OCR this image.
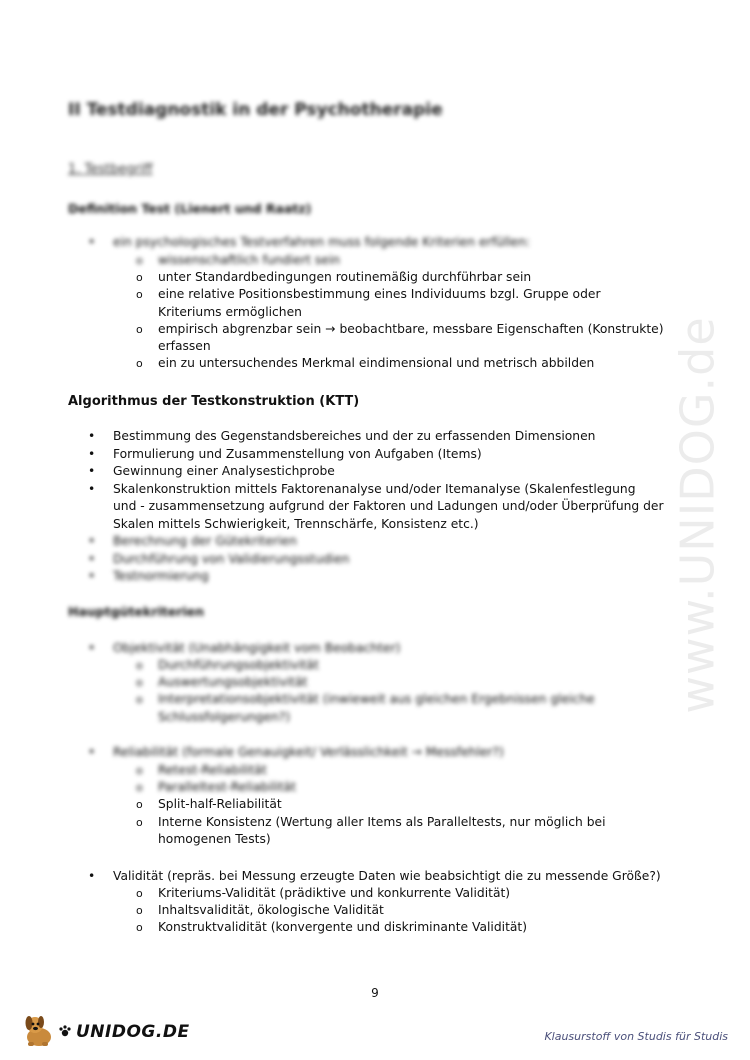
www.UNIDOG.de
II Testdiagnostik in der Psychotherapie
1. Testbegriff
Definition Test (Lienert und Raatz)
• ein psychologisches Testverfahren muss folgende Kriterien erfüllen:
o wissenschaftlich fundiert sein
o unter Standardbedingungen routinemäßig durchführbar sein
o eine relative Positionsbestimmung eines Individuums bzgl. Gruppe oder
Kriteriums ermöglichen
o empirisch abgrenzbar sein → beobachtbare, messbare Eigenschaften (Konstrukte)
erfassen
o ein zu untersuchendes Merkmal eindimensional und metrisch abbilden
Algorithmus der Testkonstruktion (KTT)
• Bestimmung des Gegenstandsbereiches und der zu erfassenden Dimensionen
• Formulierung und Zusammenstellung von Aufgaben (Items)
• Gewinnung einer Analysestichprobe
• Skalenkonstruktion mittels Faktorenanalyse und/oder Itemanalyse (Skalenfestlegung
und - zusammensetzung aufgrund der Faktoren und Ladungen und/oder Überprüfung der
Skalen mittels Schwierigkeit, Trennschärfe, Konsistenz etc.)
• Berechnung der Gütekriterien
• Durchführung von Validierungsstudien
• Testnormierung
Hauptgütekriterien
• Objektivität (Unabhängigkeit vom Beobachter)
o Durchführungsobjektivität
o Auswertungsobjektivität
o Interpretationsobjektivität (inwieweit aus gleichen Ergebnissen gleiche
Schlussfolgerungen?)
• Reliabilität (formale Genauigkeit/ Verlässlichkeit → Messfehler?)
o Retest-Reliabilität
o Paralleltest-Reliabilität
o Split-half-Reliabilität
o Interne Konsistenz (Wertung aller Items als Paralleltests, nur möglich bei
homogenen Tests)
• Validität (repräs. bei Messung erzeugte Daten wie beabsichtigt die zu messende Größe?)
o Kriteriums-Validität (prädiktive und konkurrente Validität)
o Inhaltsvalidität, ökologische Validität
o Konstruktvalidität (konvergente und diskriminante Validität)
9
UNIDOG.DE	Klausurstoff von Studis für Studis
